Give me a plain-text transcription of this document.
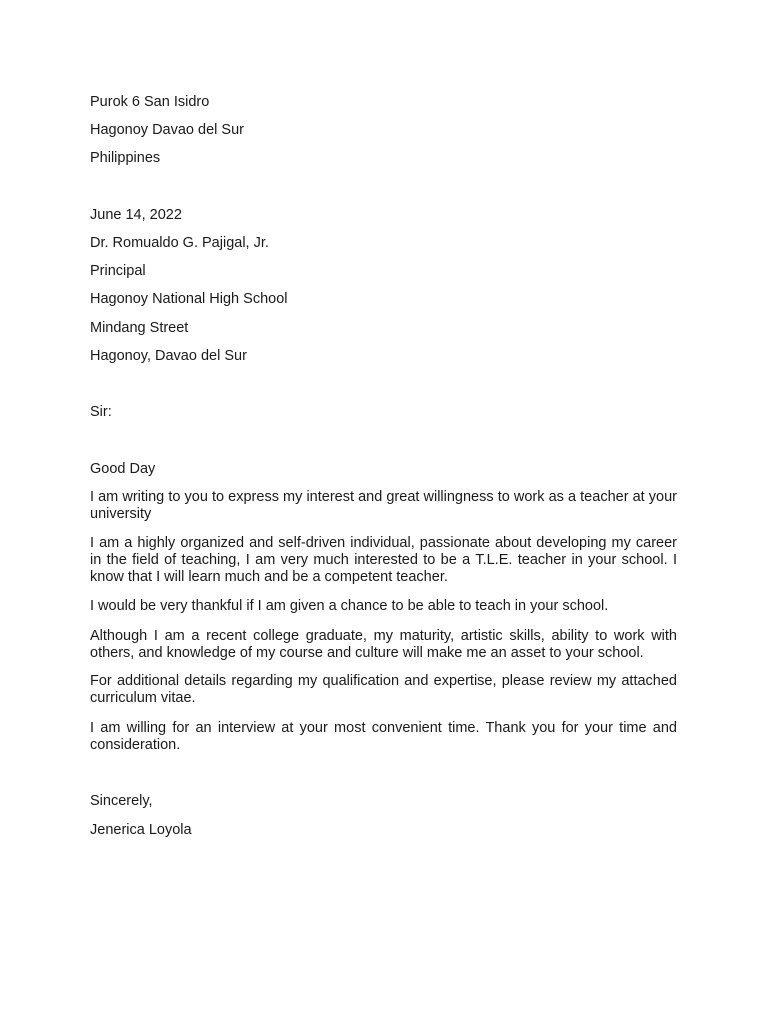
Purok 6 San Isidro
Hagonoy Davao del Sur
Philippines
June 14, 2022
Dr. Romualdo G. Pajigal, Jr.
Principal
Hagonoy National High School
Mindang Street
Hagonoy, Davao del Sur
Sir:
Good Day
I am writing to you to express my interest and great willingness to work as a teacher at your university
I am a highly organized and self-driven individual, passionate about developing my career in the field of teaching, I am very much interested to be a T.L.E. teacher in your school. I know that I will learn much and be a competent teacher.
I would be very thankful if I am given a chance to be able to teach in your school.
Although I am a recent college graduate, my maturity, artistic skills, ability to work with others, and knowledge of my course and culture will make me an asset to your school.
For additional details regarding my qualification and expertise, please review my attached curriculum vitae.
I am willing for an interview at your most convenient time. Thank you for your time and consideration.
Sincerely,
Jenerica Loyola
